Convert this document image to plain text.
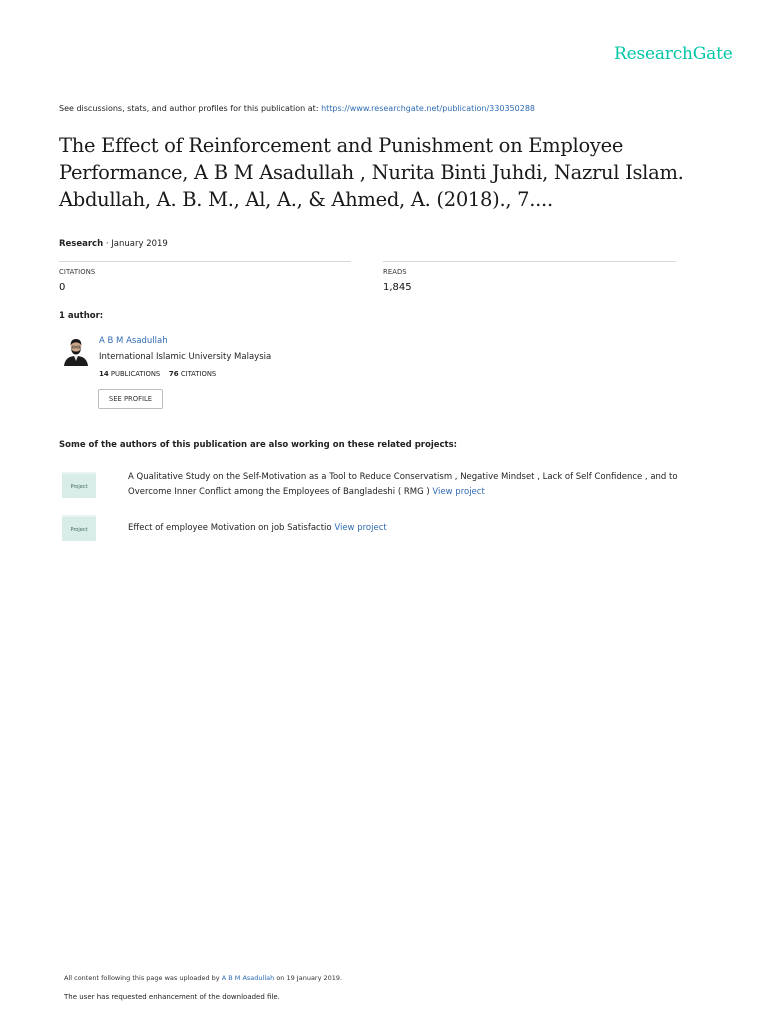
ResearchGate
See discussions, stats, and author profiles for this publication at: https://www.researchgate.net/publication/330350288
The Effect of Reinforcement and Punishment on Employee Performance, A B M Asadullah , Nurita Binti Juhdi, Nazrul Islam. Abdullah, A. B. M., Al, A., & Ahmed, A. (2018)., 7....
Research · January 2019
CITATIONS
0
READS
1,845
1 author:
A B M Asadullah
International Islamic University Malaysia
14 PUBLICATIONS 76 CITATIONS
SEE PROFILE
Some of the authors of this publication are also working on these related projects:
Project
A Qualitative Study on the Self-Motivation as a Tool to Reduce Conservatism , Negative Mindset , Lack of Self Confidence , and to Overcome Inner Conflict among the Employees of Bangladeshi ( RMG ) View project
Project	Effect of employee Motivation on job Satisfactio View project
All content following this page was uploaded by A B M Asadullah on 19 January 2019.
The user has requested enhancement of the downloaded file.
